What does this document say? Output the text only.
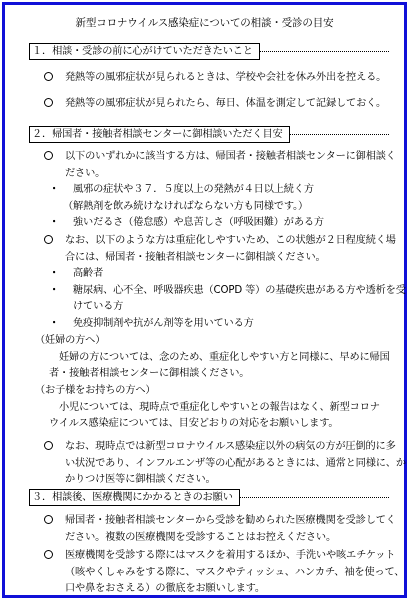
新型コロナウイルス感染症についての相談・受診の目安
１．相談・受診の前に心がけていただきたいこと
発熱等の風邪症状が見られるときは、学校や会社を休み外出を控える。
発熱等の風邪症状が見られたら、毎日、体温を測定して記録しておく。
２．帰国者・接触者相談センターに御相談いただく目安
以下のいずれかに該当する方は、帰国者・接触者相談センターに御相談く
ださい。
・ 風邪の症状や３７．５度以上の発熱が４日以上続く方
（解熱剤を飲み続けなければならない方も同様です。）
・ 強いだるさ（倦怠感）や息苦しさ（呼吸困難）がある方
なお、以下のような方は重症化しやすいため、この状態が２日程度続く場
合には、帰国者・接触者相談センターに御相談ください。
・ 高齢者
・ 糖尿病、心不全、呼吸器疾患（COPD 等）の基礎疾患がある方や透析を受
けている方
・ 免疫抑制剤や抗がん剤等を用いている方
（妊婦の方へ）
妊婦の方については、念のため、重症化しやすい方と同様に、早めに帰国
者・接触者相談センターに御相談ください。
（お子様をお持ちの方へ）
小児については、現時点で重症化しやすいとの報告はなく、新型コロナ
ウイルス感染症については、目安どおりの対応をお願いします。
なお、現時点では新型コロナウイルス感染症以外の病気の方が圧倒的に多
い状況であり、インフルエンザ等の心配があるときには、通常と同様に、か
かりつけ医等に御相談ください。
３．相談後、医療機関にかかるときのお願い
帰国者・接触者相談センターから受診を勧められた医療機関を受診してく
ださい。複数の医療機関を受診することはお控えください。
医療機関を受診する際にはマスクを着用するほか、手洗いや咳エチケット
（咳やくしゃみをする際に、マスクやティッシュ、ハンカチ、袖を使って、
口や鼻をおさえる）の徹底をお願いします。
